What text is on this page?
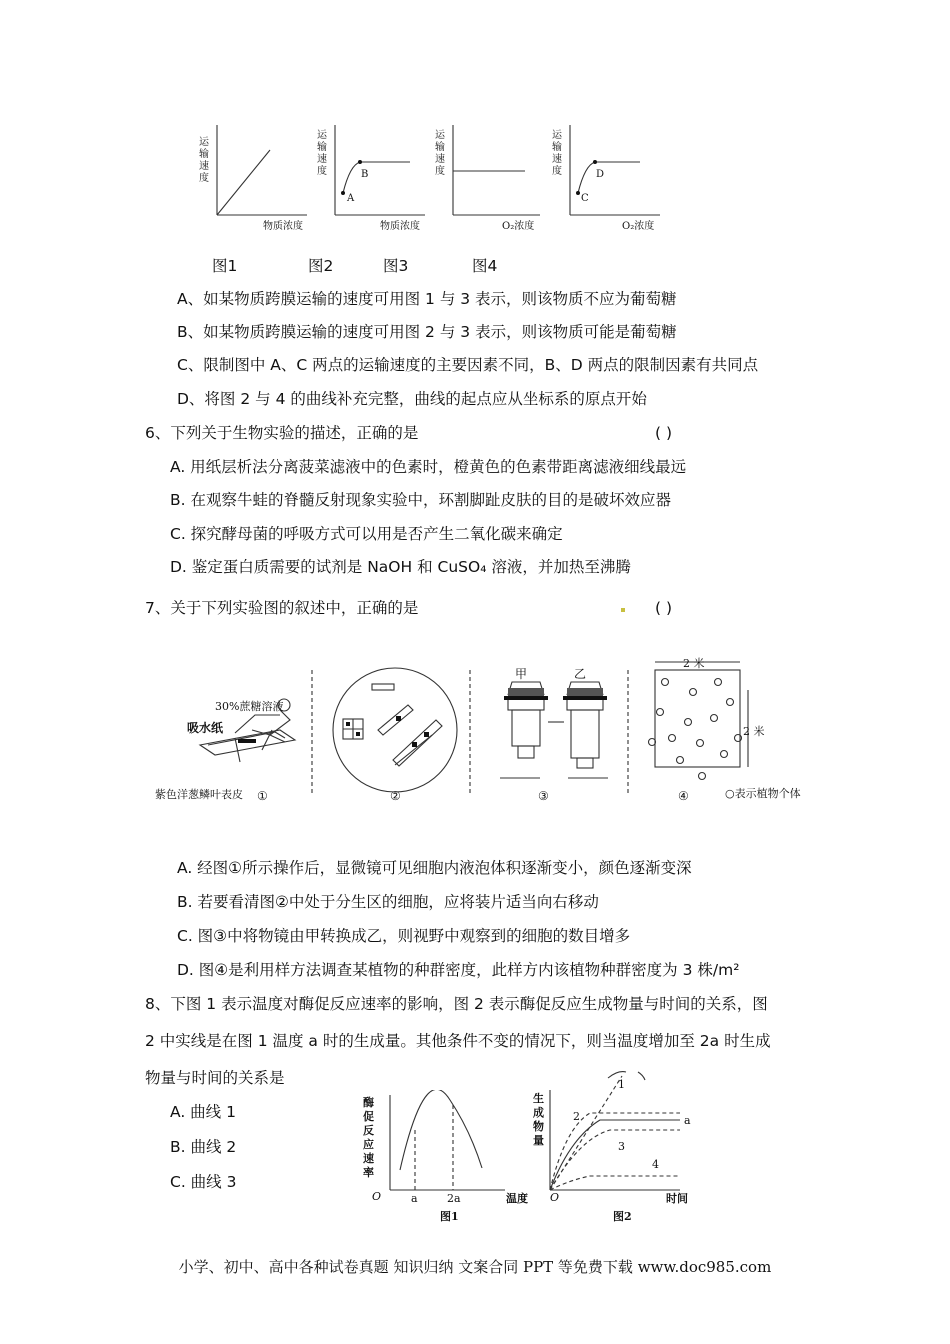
运
输
速
度
运
输
速
度
运
输
速
度
运
输
速
度
物质浓度	物质浓度	O₂浓度	O₂浓度
A
B
C
D
图1	图2	图3	图4
A、如某物质跨膜运输的速度可用图 1 与 3 表示，则该物质不应为葡萄糖
B、如某物质跨膜运输的速度可用图 2 与 3 表示，则该物质可能是葡萄糖
C、限制图中 A、C 两点的运输速度的主要因素不同，B、D 两点的限制因素有共同点
D、将图 2 与 4 的曲线补充完整，曲线的起点应从坐标系的原点开始
6、下列关于生物实验的描述，正确的是	( )
A. 用纸层析法分离菠菜滤液中的色素时，橙黄色的色素带距离滤液细线最远
B. 在观察牛蛙的脊髓反射现象实验中，环割脚趾皮肤的目的是破坏效应器
C. 探究酵母菌的呼吸方式可以用是否产生二氧化碳来确定
D. 鉴定蛋白质需要的试剂是 NaOH 和 CuSO₄ 溶液，并加热至沸腾
7、关于下列实验图的叙述中，正确的是	( )
30%蔗糖溶液
吸水纸
紫色洋葱鳞叶表皮 ①	②	③	④
甲	乙
2 米
2 米
○表示植物个体
A. 经图①所示操作后，显微镜可见细胞内液泡体积逐渐变小，颜色逐渐变深
B. 若要看清图②中处于分生区的细胞，应将装片适当向右移动
C. 图③中将物镜由甲转换成乙，则视野中观察到的细胞的数目增多
D. 图④是利用样方法调查某植物的种群密度，此样方内该植物种群密度为 3 株/m²
8、下图 1 表示温度对酶促反应速率的影响，图 2 表示酶促反应生成物量与时间的关系，图
2 中实线是在图 1 温度 a 时的生成量。其他条件不变的情况下，则当温度增加至 2a 时生成
物量与时间的关系是
A. 曲线 1
B. 曲线 2
C. 曲线 3
酶
促
反
应
速
率
O	a	2a	温度
图1
生
成
物
量
O	时间
1
2
3
4
a
图2
小学、初中、高中各种试卷真题 知识归纳 文案合同 PPT 等免费下载 www.doc985.com
